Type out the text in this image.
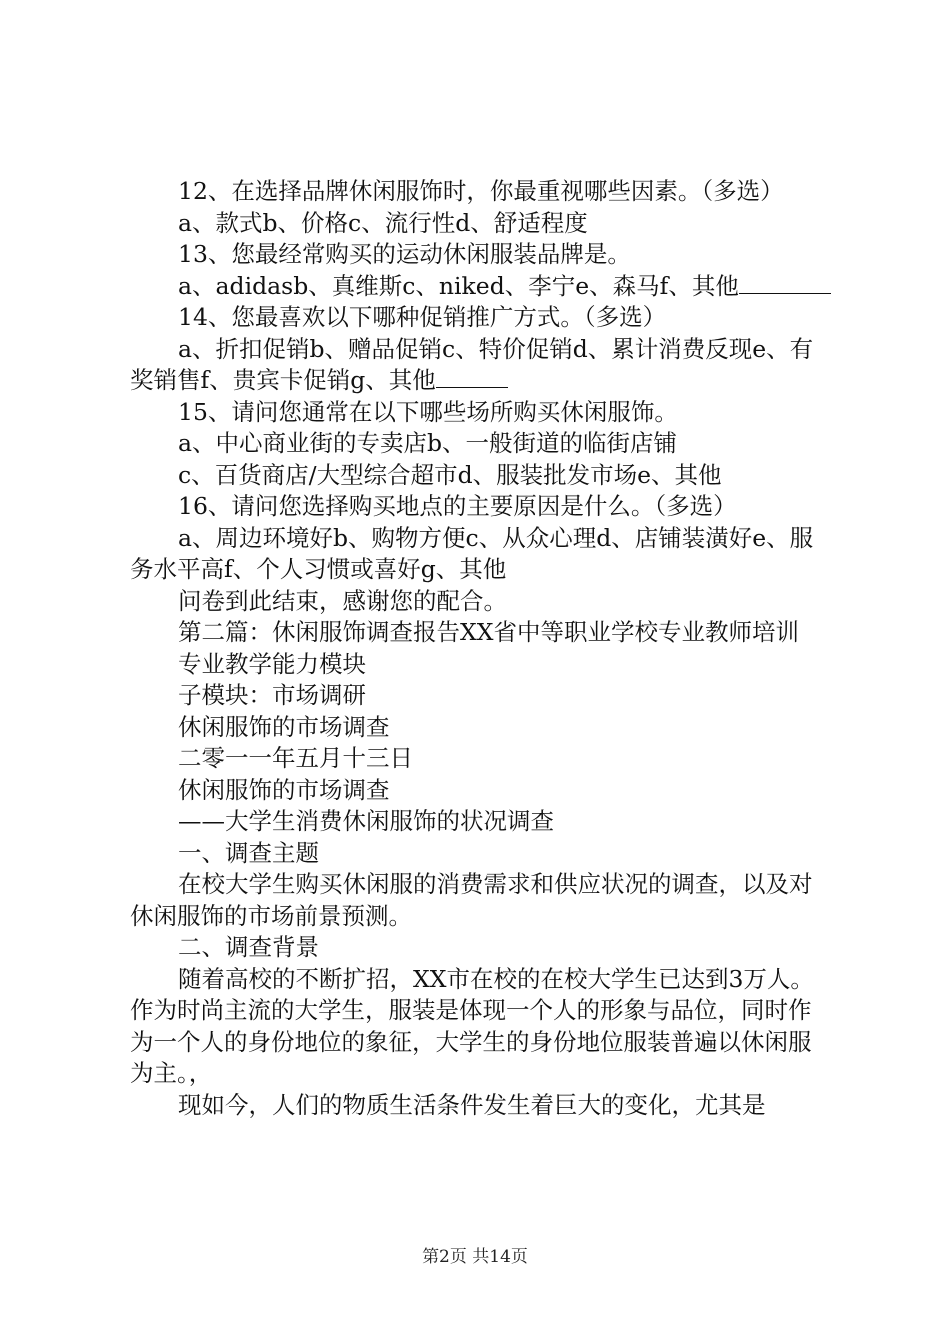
12、在选择品牌休闲服饰时，你最重视哪些因素。（多选）

a、款式b、价格c、流行性d、舒适程度

13、您最经常购买的运动休闲服装品牌是。

a、adidasb、真维斯c、niked、李宁e、森马f、其他

14、您最喜欢以下哪种促销推广方式。（多选）

a、折扣促销b、赠品促销c、特价促销d、累计消费反现e、有奖销售f、贵宾卡促销g、其他

15、请问您通常在以下哪些场所购买休闲服饰。

a、中心商业街的专卖店b、一般街道的临街店铺

c、百货商店/大型综合超市d、服装批发市场e、其他

16、请问您选择购买地点的主要原因是什么。（多选）

a、周边环境好b、购物方便c、从众心理d、店铺装潢好e、服务水平高f、个人习惯或喜好g、其他

问卷到此结束，感谢您的配合。

第二篇：休闲服饰调查报告XX省中等职业学校专业教师培训

专业教学能力模块

子模块：市场调研

休闲服饰的市场调查

二零一一年五月十三日

休闲服饰的市场调查

——大学生消费休闲服饰的状况调查

一、调查主题

在校大学生购买休闲服的消费需求和供应状况的调查，以及对休闲服饰的市场前景预测。

二、调查背景

随着高校的不断扩招，XX市在校的在校大学生已达到3万人。作为时尚主流的大学生，服装是体现一个人的形象与品位，同时作为一个人的身份地位的象征，大学生的身份地位服装普遍以休闲服为主。，

现如今，人们的物质生活条件发生着巨大的变化，尤其是

第2页 共14页
